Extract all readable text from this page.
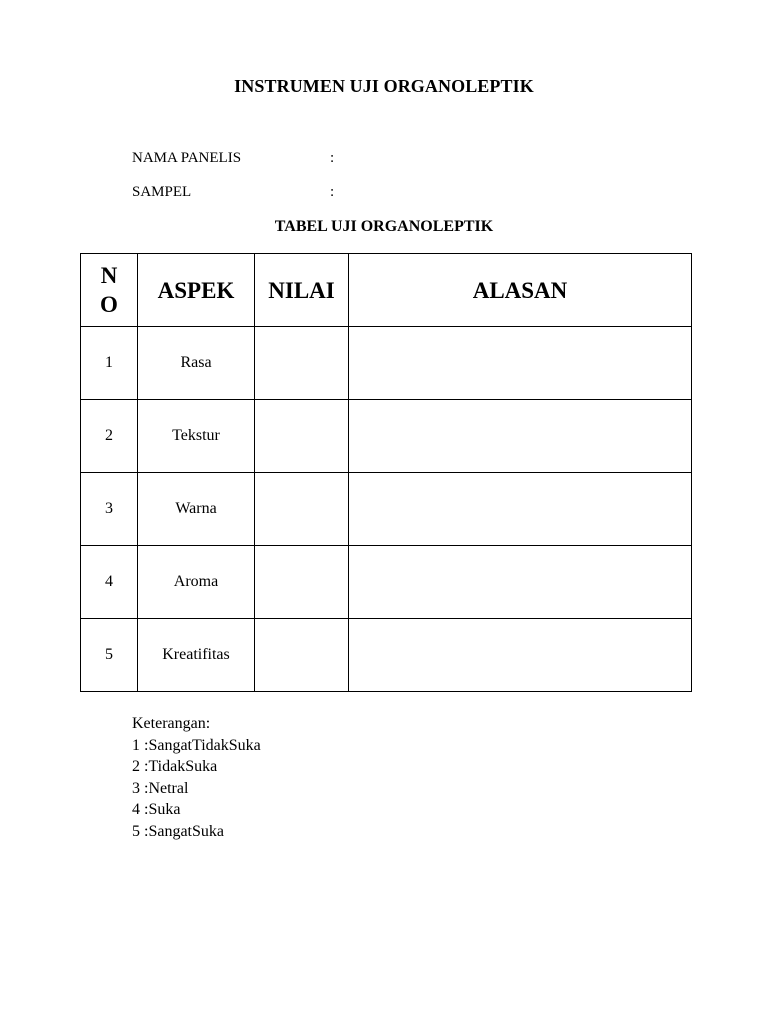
INSTRUMEN UJI ORGANOLEPTIK
NAMA PANELIS	:
SAMPEL	:
TABEL UJI ORGANOLEPTIK
NO	ASPEK	NILAI	ALASAN
1	Rasa		
2	Tekstur		
3	Warna		
4	Aroma		
5	Kreatifitas		
Keterangan:
1 :SangatTidakSuka
2 :TidakSuka
3 :Netral
4 :Suka
5 :SangatSuka
